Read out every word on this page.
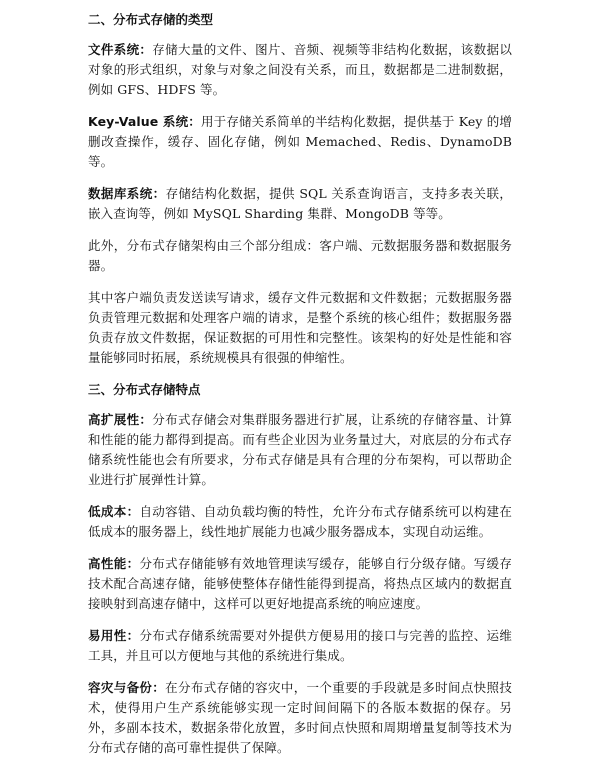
二、分布式存储的类型
文件系统：存储大量的文件、图片、音频、视频等非结构化数据，该数据以对象的形式组织，对象与对象之间没有关系，而且，数据都是二进制数据，例如 GFS、HDFS 等。
Key-Value 系统：用于存储关系简单的半结构化数据，提供基于 Key 的增删改查操作，缓存、固化存储，例如 Memached、Redis、DynamoDB 等。
数据库系统：存储结构化数据，提供 SQL 关系查询语言，支持多表关联，嵌入查询等，例如 MySQL Sharding 集群、MongoDB 等等。
此外，分布式存储架构由三个部分组成：客户端、元数据服务器和数据服务器。
其中客户端负责发送读写请求，缓存文件元数据和文件数据；元数据服务器负责管理元数据和处理客户端的请求，是整个系统的核心组件；数据服务器负责存放文件数据，保证数据的可用性和完整性。该架构的好处是性能和容量能够同时拓展，系统规模具有很强的伸缩性。
三、分布式存储特点
高扩展性：分布式存储会对集群服务器进行扩展，让系统的存储容量、计算和性能的能力都得到提高。而有些企业因为业务量过大，对底层的分布式存储系统性能也会有所要求，分布式存储是具有合理的分布架构，可以帮助企业进行扩展弹性计算。
低成本：自动容错、自动负载均衡的特性，允许分布式存储系统可以构建在低成本的服务器上，线性地扩展能力也减少服务器成本，实现自动运维。
高性能：分布式存储能够有效地管理读写缓存，能够自行分级存储。写缓存技术配合高速存储，能够使整体存储性能得到提高，将热点区域内的数据直接映射到高速存储中，这样可以更好地提高系统的响应速度。
易用性：分布式存储系统需要对外提供方便易用的接口与完善的监控、运维工具，并且可以方便地与其他的系统进行集成。
容灾与备份：在分布式存储的容灾中，一个重要的手段就是多时间点快照技术，使得用户生产系统能够实现一定时间间隔下的各版本数据的保存。另外，多副本技术，数据条带化放置，多时间点快照和周期增量复制等技术为分布式存储的高可靠性提供了保障。
